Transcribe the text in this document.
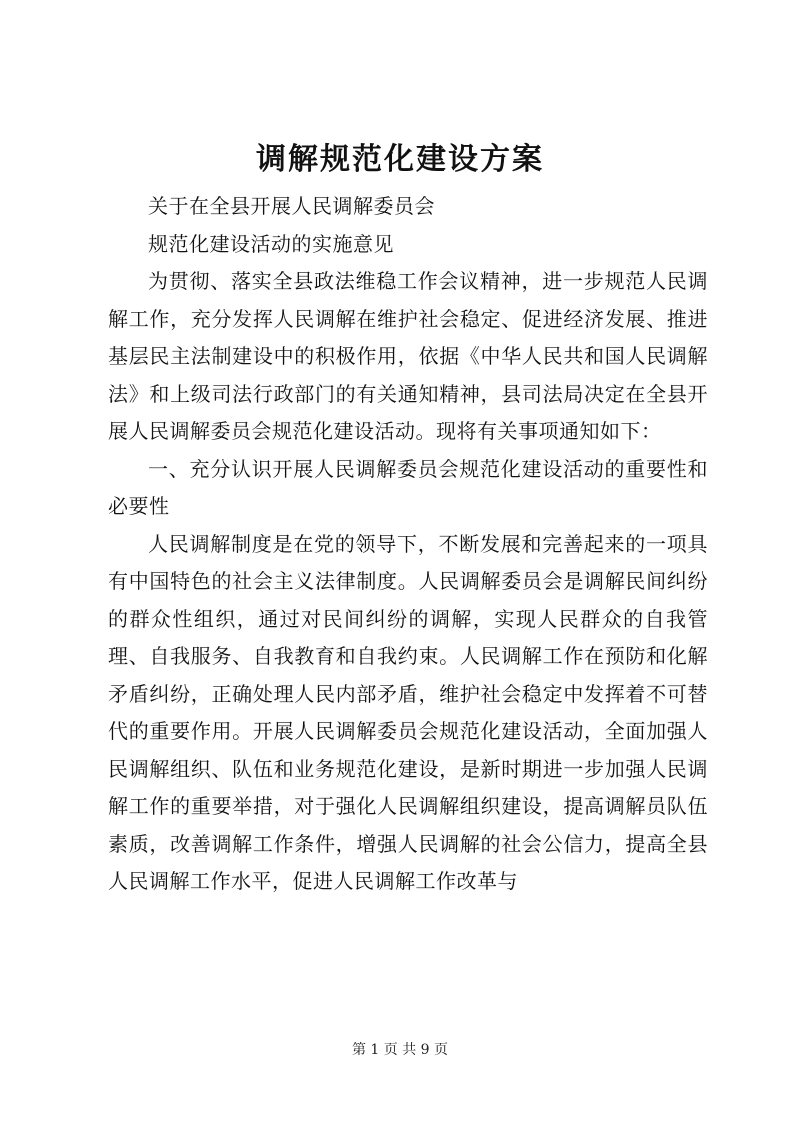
调解规范化建设方案

关于在全县开展人民调解委员会

规范化建设活动的实施意见

为贯彻、落实全县政法维稳工作会议精神，进一步规范人民调解工作，充分发挥人民调解在维护社会稳定、促进经济发展、推进基层民主法制建设中的积极作用，依据《中华人民共和国人民调解法》和上级司法行政部门的有关通知精神，县司法局决定在全县开展人民调解委员会规范化建设活动。现将有关事项通知如下：

一、充分认识开展人民调解委员会规范化建设活动的重要性和必要性

人民调解制度是在党的领导下，不断发展和完善起来的一项具有中国特色的社会主义法律制度。人民调解委员会是调解民间纠纷的群众性组织，通过对民间纠纷的调解，实现人民群众的自我管理、自我服务、自我教育和自我约束。人民调解工作在预防和化解矛盾纠纷，正确处理人民内部矛盾，维护社会稳定中发挥着不可替代的重要作用。开展人民调解委员会规范化建设活动，全面加强人民调解组织、队伍和业务规范化建设，是新时期进一步加强人民调解工作的重要举措，对于强化人民调解组织建设，提高调解员队伍素质，改善调解工作条件，增强人民调解的社会公信力，提高全县人民调解工作水平，促进人民调解工作改革与

第 1 页 共 9 页
